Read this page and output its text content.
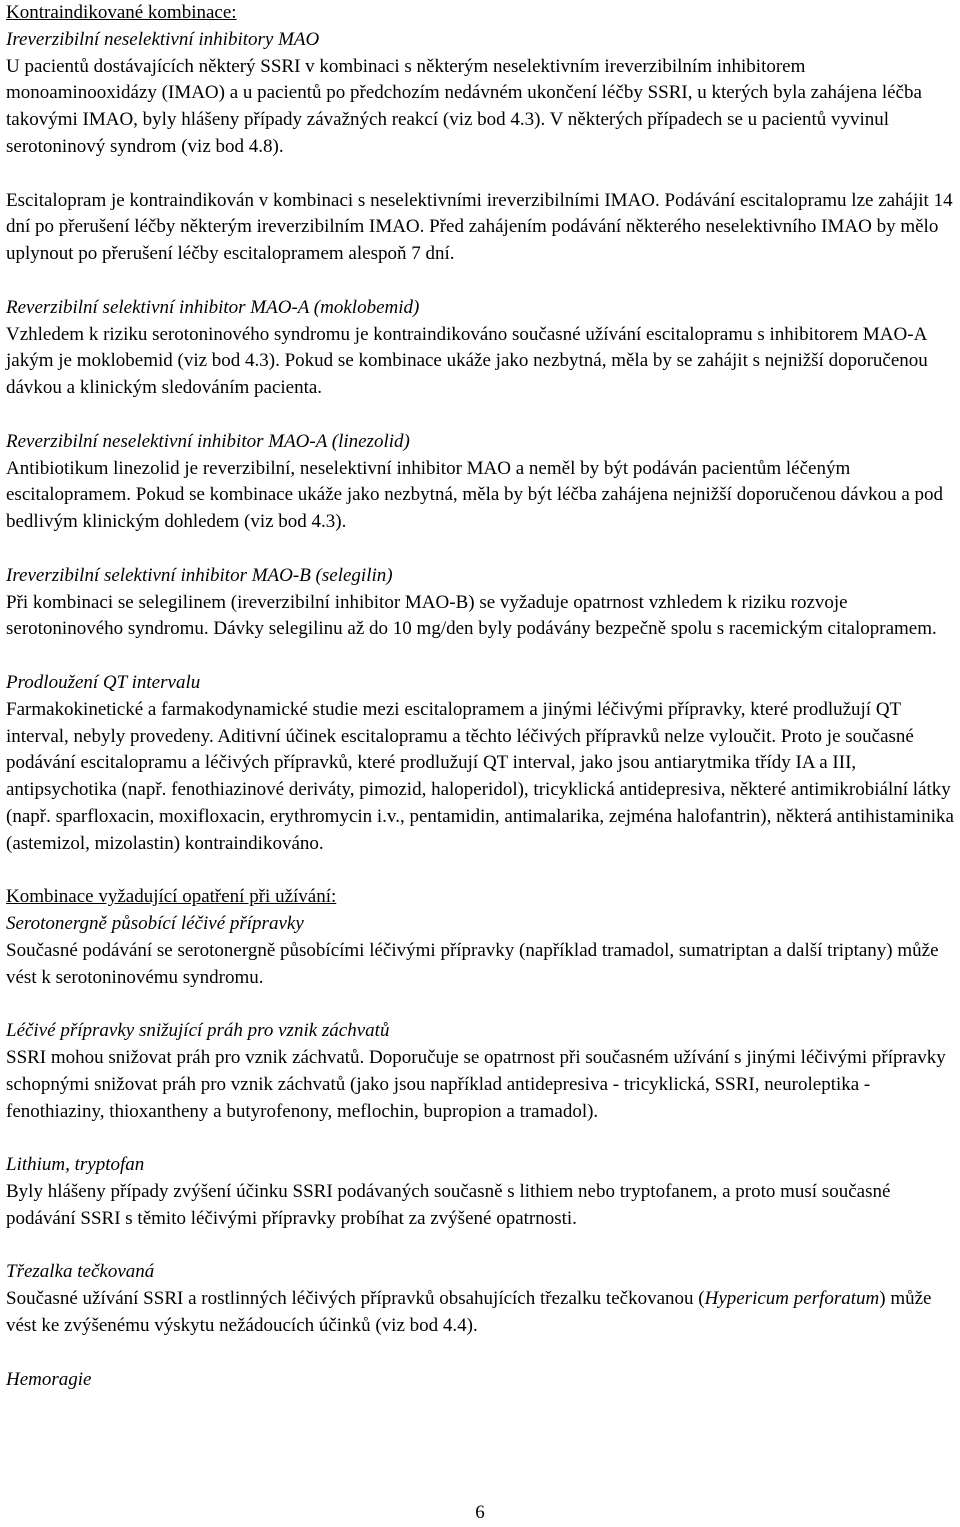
Kontraindikované kombinace:

Ireverzibilní neselektivní inhibitory MAO

U pacientů dostávajících některý SSRI v kombinaci s některým neselektivním ireverzibilním inhibitorem monoaminooxidázy (IMAO) a u pacientů po předchozím nedávném ukončení léčby SSRI, u kterých byla zahájena léčba takovými IMAO, byly hlášeny případy závažných reakcí (viz bod 4.3). V některých případech se u pacientů vyvinul serotoninový syndrom (viz bod 4.8).

Escitalopram je kontraindikován v kombinaci s neselektivními ireverzibilními IMAO. Podávání escitalopramu lze zahájit 14 dní po přerušení léčby některým ireverzibilním IMAO. Před zahájením podávání některého neselektivního IMAO by mělo uplynout po přerušení léčby escitalopramem alespoň 7 dní.

Reverzibilní selektivní inhibitor MAO-A (moklobemid)

Vzhledem k riziku serotoninového syndromu je kontraindikováno současné užívání escitalopramu s inhibitorem MAO-A jakým je moklobemid (viz bod 4.3). Pokud se kombinace ukáže jako nezbytná, měla by se zahájit s nejnižší doporučenou dávkou a klinickým sledováním pacienta.

Reverzibilní neselektivní inhibitor MAO-A (linezolid)

Antibiotikum linezolid je reverzibilní, neselektivní inhibitor MAO a neměl by být podáván pacientům léčeným escitalopramem. Pokud se kombinace ukáže jako nezbytná, měla by být léčba zahájena nejnižší doporučenou dávkou a pod bedlivým klinickým dohledem (viz bod 4.3).

Ireverzibilní selektivní inhibitor MAO-B (selegilin)

Při kombinaci se selegilinem (ireverzibilní inhibitor MAO-B) se vyžaduje opatrnost vzhledem k riziku rozvoje serotoninového syndromu. Dávky selegilinu až do 10 mg/den byly podávány bezpečně spolu s racemickým citalopramem.

Prodloužení QT intervalu

Farmakokinetické a farmakodynamické studie mezi escitalopramem a jinými léčivými přípravky, které prodlužují QT interval, nebyly provedeny. Aditivní účinek escitalopramu a těchto léčivých přípravků nelze vyloučit. Proto je současné podávání escitalopramu a léčivých přípravků, které prodlužují QT interval, jako jsou antiarytmika třídy IA a III, antipsychotika (např. fenothiazinové deriváty, pimozid, haloperidol), tricyklická antidepresiva, některé antimikrobiální látky (např. sparfloxacin, moxifloxacin, erythromycin i.v., pentamidin, antimalarika, zejména halofantrin), některá antihistaminika (astemizol, mizolastin) kontraindikováno.

Kombinace vyžadující opatření při užívání:

Serotonergně působící léčivé přípravky

Současné podávání se serotonergně působícími léčivými přípravky (například tramadol, sumatriptan a další triptany) může vést k serotoninovému syndromu.

Léčivé přípravky snižující práh pro vznik záchvatů

SSRI mohou snižovat práh pro vznik záchvatů. Doporučuje se opatrnost při současném užívání s jinými léčivými přípravky schopnými snižovat práh pro vznik záchvatů (jako jsou například antidepresiva - tricyklická, SSRI, neuroleptika - fenothiaziny, thioxantheny a butyrofenony, meflochin, bupropion a tramadol).

Lithium, tryptofan

Byly hlášeny případy zvýšení účinku SSRI podávaných současně s lithiem nebo tryptofanem, a proto musí současné podávání SSRI s těmito léčivými přípravky probíhat za zvýšené opatrnosti.

Třezalka tečkovaná

Současné užívání SSRI a rostlinných léčivých přípravků obsahujících třezalku tečkovanou (Hypericum perforatum) může vést ke zvýšenému výskytu nežádoucích účinků (viz bod 4.4).

Hemoragie

6
